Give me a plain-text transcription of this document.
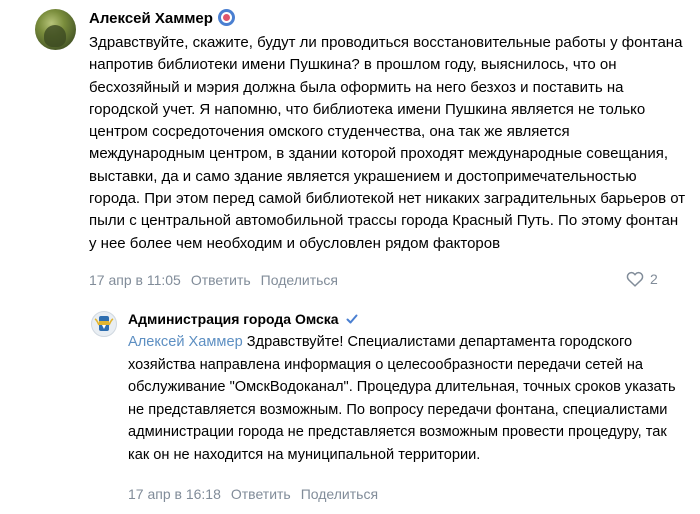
Алексей Хаммер
Здравствуйте, скажите, будут ли проводиться восстановительные работы у фонтана напротив библиотеки имени Пушкина? в прошлом году, выяснилось, что он бесхозяйный и мэрия должна была оформить на него безхоз и поставить на городской учет. Я напомню, что библиотека имени Пушкина является не только центром сосредоточения омского студенчества, она так же является международным центром, в здании которой проходят международные совещания, выставки, да и само здание является украшением и достопримечательностью города. При этом перед самой библиотекой нет никаких заградительных барьеров от пыли с центральной автомобильной трассы города Красный Путь. По этому фонтан у нее более чем необходим и обусловлен рядом факторов
17 апр в 11:05 Ответить Поделиться	2
Администрация города Омска
Алексей Хаммер Здравствуйте! Специалистами департамента городского хозяйства направлена информация о целесообразности передачи сетей на обслуживание "ОмскВодоканал". Процедура длительная, точных сроков указать не представляется возможным. По вопросу передачи фонтана, специалистами администрации города не представляется возможным провести процедуру, так как он не находится на муниципальной территории.
17 апр в 16:18 Ответить Поделиться
